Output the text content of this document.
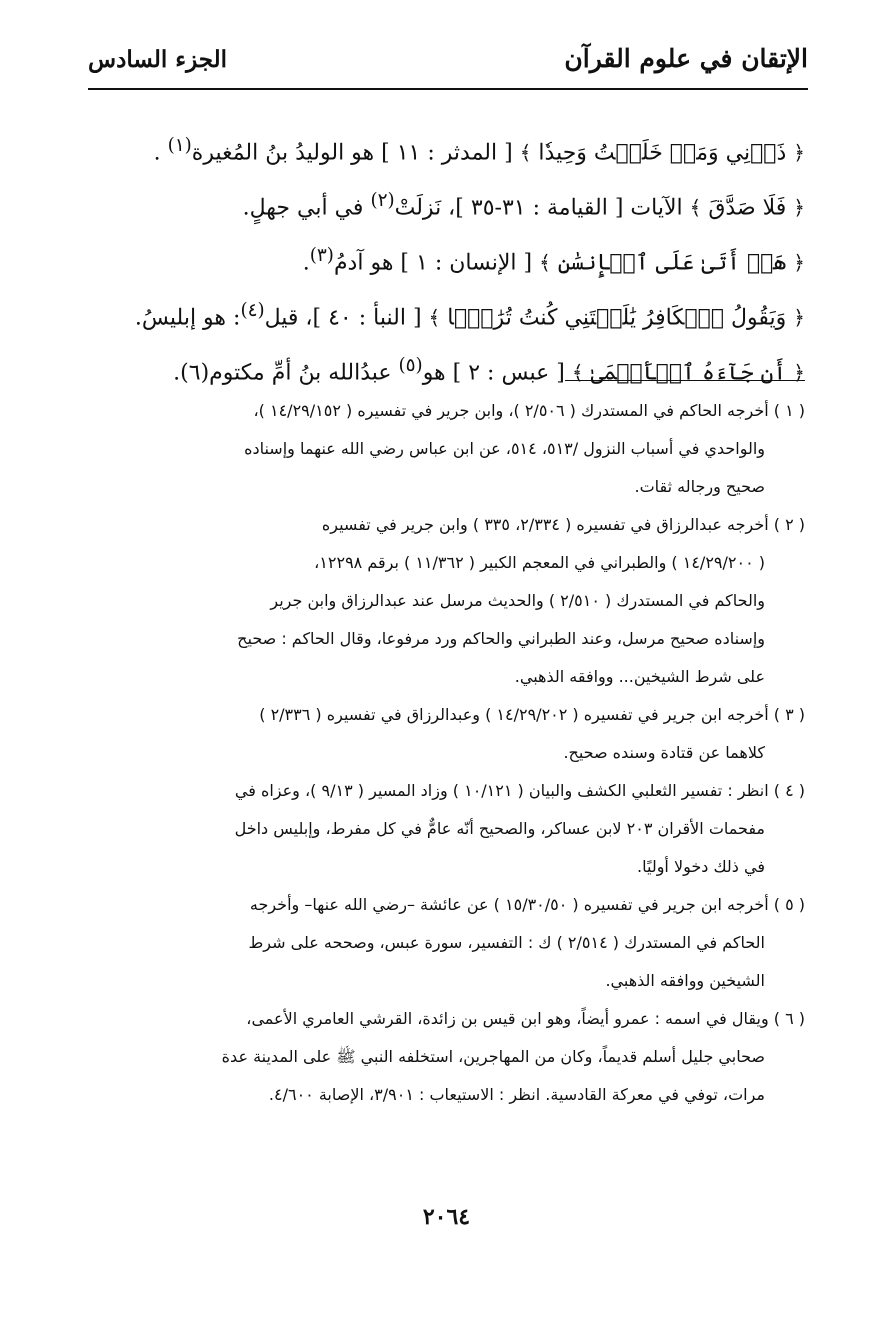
الإتقان في علوم القرآن
الجزء السادس
﴿ ذَرۡنِي وَمَنۡ خَلَقۡتُ وَحِيدٗا ﴾ [ المدثر : ١١ ] هو الوليدُ بنُ المُغيرة$^{(١)}$ .
﴿ فَلَا صَدَّقَ ﴾ الآيات [ القيامة : ٣١-٣٥ ]، نَزلَتْ$^{(٢)}$ في أبي جهلٍ.
﴿ هَلۡ أَتَىٰ عَلَى ٱلۡإِنسَٰنِ ﴾ [ الإنسان : ١ ] هو آدمُ$^{(٣)}$.
﴿ وَيَقُولُ ٱلۡكَافِرُ يَٰلَيۡتَنِي كُنتُ تُرَٰبَۢا ﴾ [ النبأ : ٤٠ ]، قيل$^{(٤)}$: هو إبليسُ.
﴿ أَن جَآءَهُ ٱلۡأَعۡمَىٰ ﴾ [ عبس : ٢ ] هو$^{(٥)}$ عبدُالله بنُ أمِّ مكتوم(٦).
( ١ ) أخرجه الحاكم في المستدرك ( ٢/٥٠٦ )، وابن جرير في تفسيره ( ١٤/٢٩/١٥٢ )،
والواحدي في أسباب النزول /٥١٣، ٥١٤، عن ابن عباس رضي الله عنهما وإسناده
صحيح ورجاله ثقات.
( ٢ ) أخرجه عبدالرزاق في تفسيره ( ٢/٣٣٤، ٣٣٥ ) وابن جرير في تفسيره
( ١٤/٢٩/٢٠٠ ) والطبراني في المعجم الكبير ( ١١/٣٦٢ ) برقم ١٢٢٩٨،
والحاكم في المستدرك ( ٢/٥١٠ ) والحديث مرسل عند عبدالرزاق وابن جرير
وإسناده صحيح مرسل، وعند الطبراني والحاكم ورد مرفوعا، وقال الحاكم : صحيح
على شرط الشيخين... ووافقه الذهبي.
( ٣ ) أخرجه ابن جرير في تفسيره ( ١٤/٢٩/٢٠٢ ) وعبدالرزاق في تفسيره ( ٢/٣٣٦ )
كلاهما عن قتادة وسنده صحيح.
( ٤ ) انظر : تفسير الثعلبي الكشف والبيان ( ١٠/١٢١ ) وزاد المسير ( ٩/١٣ )، وعزاه في
مفحمات الأقران ٢٠٣ لابن عساكر، والصحيح أنّه عامٌّ في كل مفرط، وإبليس داخل
في ذلك دخولا أوليًا.
( ٥ ) أخرجه ابن جرير في تفسيره ( ١٥/٣٠/٥٠ ) عن عائشة –رضي الله عنها– وأخرجه
الحاكم في المستدرك ( ٢/٥١٤ ) ك : التفسير، سورة عبس، وصححه على شرط
الشيخين ووافقه الذهبي.
( ٦ ) ويقال في اسمه : عمرو أيضاً، وهو ابن قيس بن زائدة، القرشي العامري الأعمى،
صحابي جليل أسلم قديماً، وكان من المهاجرين، استخلفه النبي ﷺ على المدينة عدة
مرات، توفي في معركة القادسية. انظر : الاستيعاب : ٣/٩٠١، الإصابة ٤/٦٠٠.
٢٠٦٤
